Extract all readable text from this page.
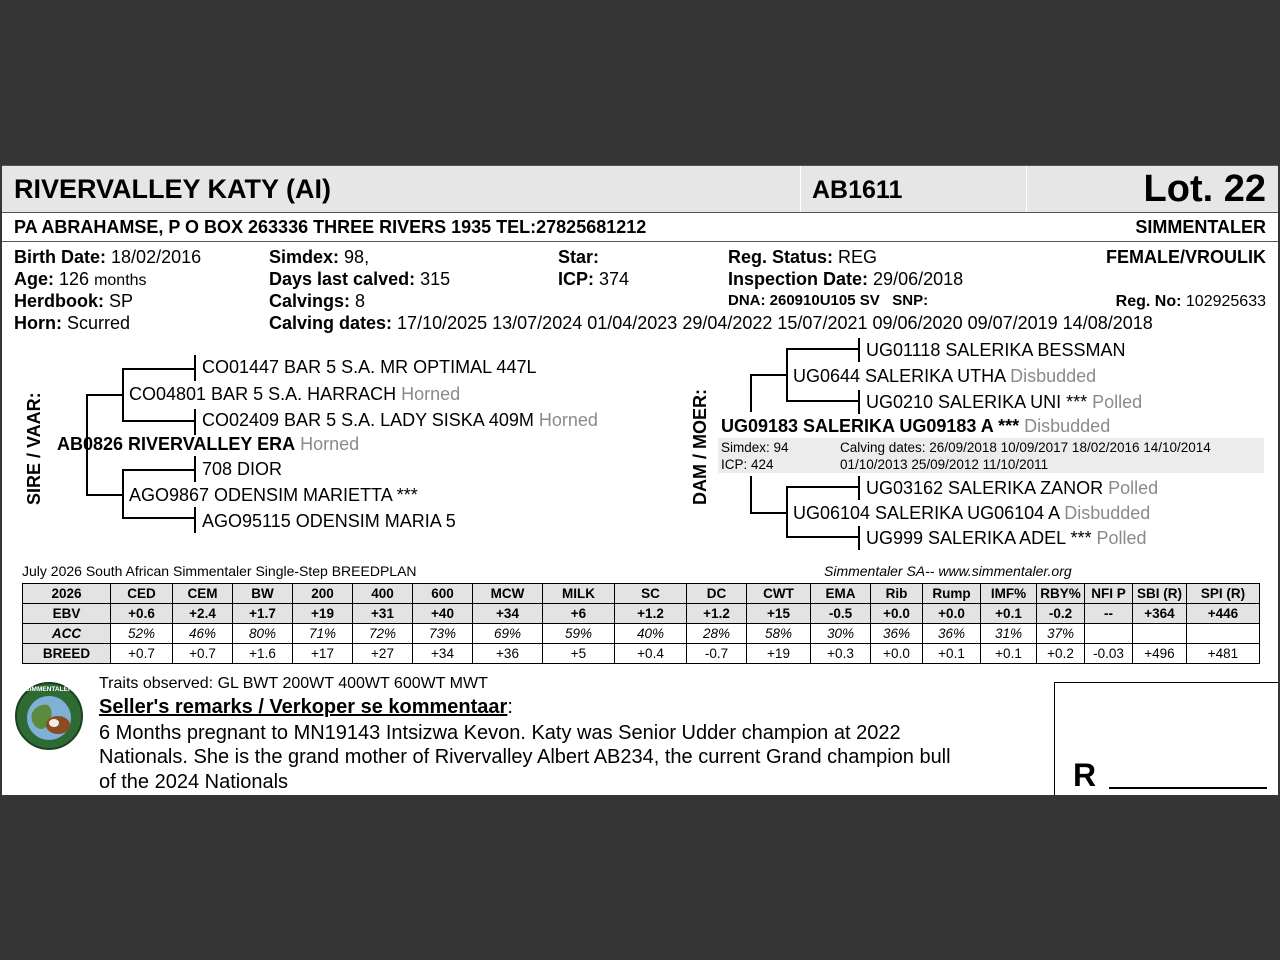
RIVERVALLEY KATY (AI)	AB1611	Lot. 22
PA ABRAHAMSE, P O BOX 263336 THREE RIVERS 1935 TEL:27825681212	SIMMENTALER
Birth Date: 18/02/2016
Age: 126 months
Herdbook: SP
Horn: Scurred
Simdex: 98,
Days last calved: 315
Calvings: 8
Calving dates: 17/10/2025 13/07/2024 01/04/2023 29/04/2022 15/07/2021 09/06/2020 09/07/2019 14/08/2018
Star:
ICP: 374
Reg. Status: REG
Inspection Date: 29/06/2018
DNA: 260910U105 SV SNP:
FEMALE/VROULIK
Reg. No: 102925633
SIRE / VAAR:
CO01447 BAR 5 S.A. MR OPTIMAL 447L
CO04801 BAR 5 S.A. HARRACH Horned
CO02409 BAR 5 S.A. LADY SISKA 409M Horned
AB0826 RIVERVALLEY ERA Horned
708 DIOR
AGO9867 ODENSIM MARIETTA ***
AGO95115 ODENSIM MARIA 5
DAM / MOER:
UG01118 SALERIKA BESSMAN
UG0644 SALERIKA UTHA Disbudded
UG0210 SALERIKA UNI *** Polled
UG09183 SALERIKA UG09183 A *** Disbudded
Simdex: 94
ICP: 424
Calving dates: 26/09/2018 10/09/2017 18/02/2016 14/10/2014
01/10/2013 25/09/2012 11/10/2011
UG03162 SALERIKA ZANOR Polled
UG06104 SALERIKA UG06104 A Disbudded
UG999 SALERIKA ADEL *** Polled
July 2026 South African Simmentaler Single-Step BREEDPLAN	Simmentaler SA-- www.simmentaler.org
2026	CED	CEM	BW	200	400	600	MCW	MILK	SC	DC	CWT	EMA	Rib	Rump	IMF%	RBY%	NFI P	SBI (R)	SPI (R)
EBV	+0.6	+2.4	+1.7	+19	+31	+40	+34	+6	+1.2	+1.2	+15	-0.5	+0.0	+0.0	+0.1	-0.2	--	+364	+446
ACC	52%	46%	80%	71%	72%	73%	69%	59%	40%	28%	58%	30%	36%	36%	31%	37%			
BREED	+0.7	+0.7	+1.6	+17	+27	+34	+36	+5	+0.4	-0.7	+19	+0.3	+0.0	+0.1	+0.1	+0.2	-0.03	+496	+481
SIMMENTALER Traits observed: GL BWT 200WT 400WT 600WT MWT
Seller's remarks / Verkoper se kommentaar:
6 Months pregnant to MN19143 Intsizwa Kevon. Katy was Senior Udder champion at 2022
Nationals. She is the grand mother of Rivervalley Albert AB234, the current Grand champion bull
of the 2024 Nationals	R
